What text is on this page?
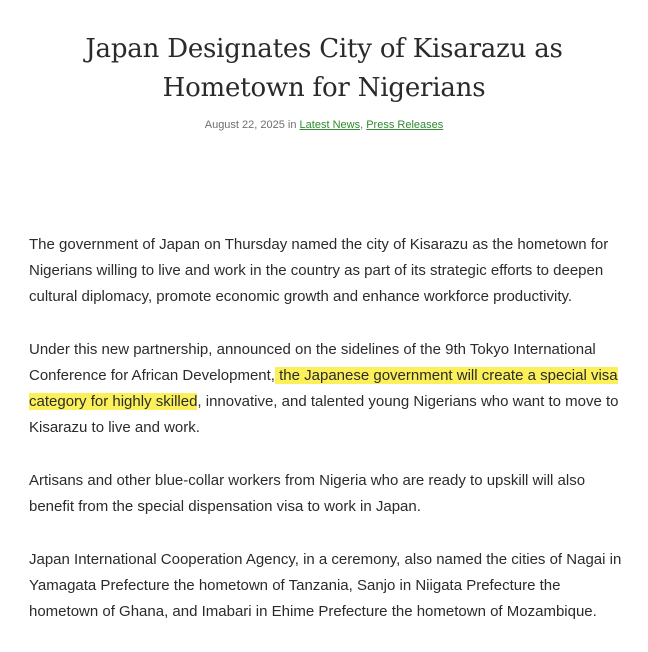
Japan Designates City of Kisarazu as Hometown for Nigerians
August 22, 2025 in Latest News, Press Releases

The government of Japan on Thursday named the city of Kisarazu as the hometown for Nigerians willing to live and work in the country as part of its strategic efforts to deepen cultural diplomacy, promote economic growth and enhance workforce productivity.

Under this new partnership, announced on the sidelines of the 9th Tokyo International Conference for African Development, the Japanese government will create a special visa category for highly skilled, innovative, and talented young Nigerians who want to move to Kisarazu to live and work.

Artisans and other blue-collar workers from Nigeria who are ready to upskill will also benefit from the special dispensation visa to work in Japan.

Japan International Cooperation Agency, in a ceremony, also named the cities of Nagai in Yamagata Prefecture the hometown of Tanzania, Sanjo in Niigata Prefecture the hometown of Ghana, and Imabari in Ehime Prefecture the hometown of Mozambique.
